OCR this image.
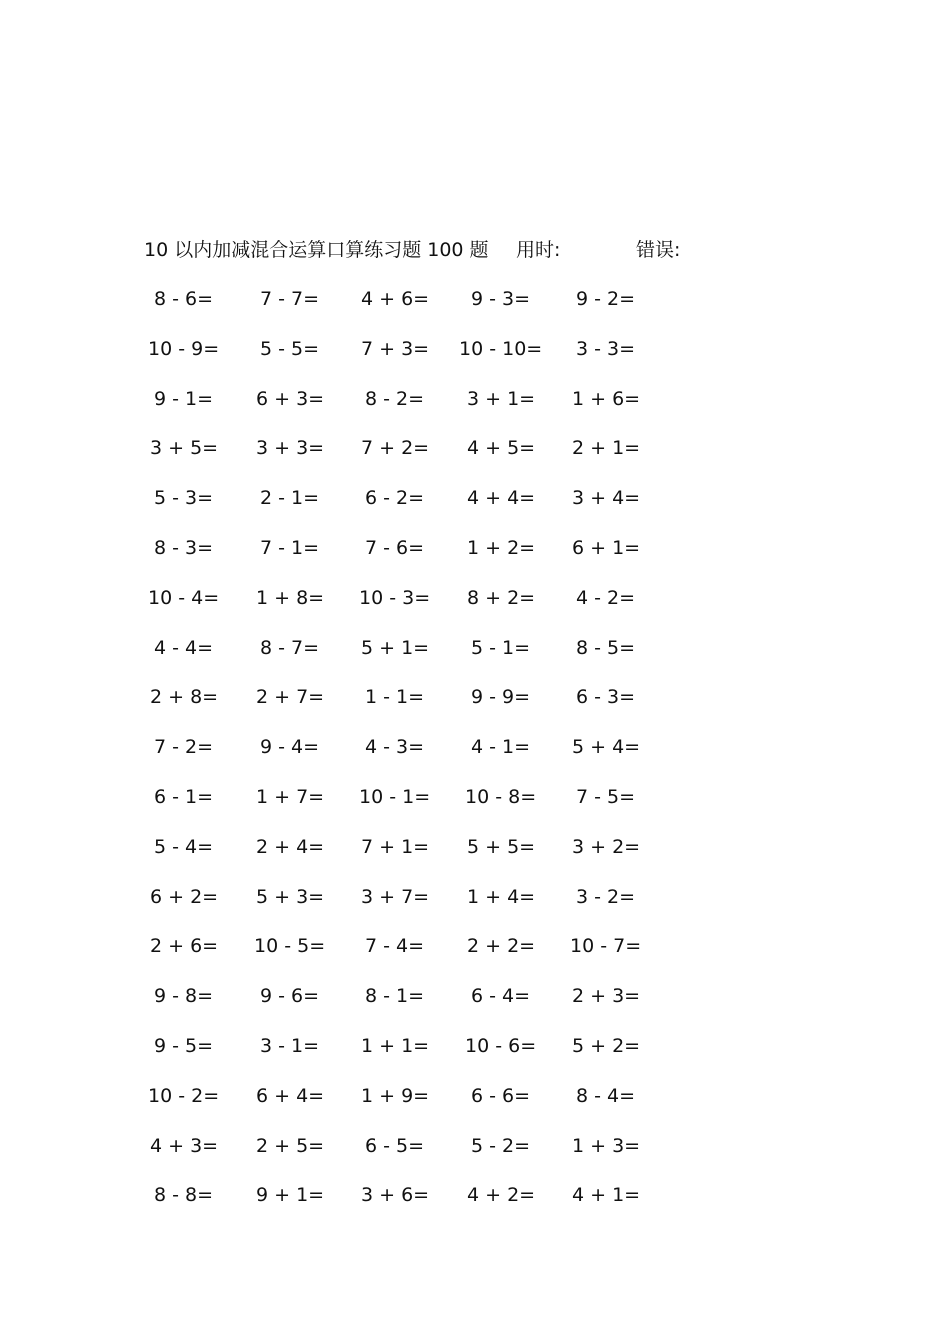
10 以内加减混合运算口算练习题 100 题 用时:	错误:
8 - 6= 7 - 7= 4 + 6= 9 - 3= 9 - 2=
10 - 9= 5 - 5= 7 + 3= 10 - 10= 3 - 3=
9 - 1= 6 + 3= 8 - 2= 3 + 1= 1 + 6=
3 + 5= 3 + 3= 7 + 2= 4 + 5= 2 + 1=
5 - 3= 2 - 1= 6 - 2= 4 + 4= 3 + 4=
8 - 3= 7 - 1= 7 - 6= 1 + 2= 6 + 1=
10 - 4= 1 + 8= 10 - 3= 8 + 2= 4 - 2=
4 - 4= 8 - 7= 5 + 1= 5 - 1= 8 - 5=
2 + 8= 2 + 7= 1 - 1= 9 - 9= 6 - 3=
7 - 2= 9 - 4= 4 - 3= 4 - 1= 5 + 4=
6 - 1= 1 + 7= 10 - 1= 10 - 8= 7 - 5=
5 - 4= 2 + 4= 7 + 1= 5 + 5= 3 + 2=
6 + 2= 5 + 3= 3 + 7= 1 + 4= 3 - 2=
2 + 6= 10 - 5= 7 - 4= 2 + 2= 10 - 7=
9 - 8= 9 - 6= 8 - 1= 6 - 4= 2 + 3=
9 - 5= 3 - 1= 1 + 1= 10 - 6= 5 + 2=
10 - 2= 6 + 4= 1 + 9= 6 - 6= 8 - 4=
4 + 3= 2 + 5= 6 - 5= 5 - 2= 1 + 3=
8 - 8= 9 + 1= 3 + 6= 4 + 2= 4 + 1=
